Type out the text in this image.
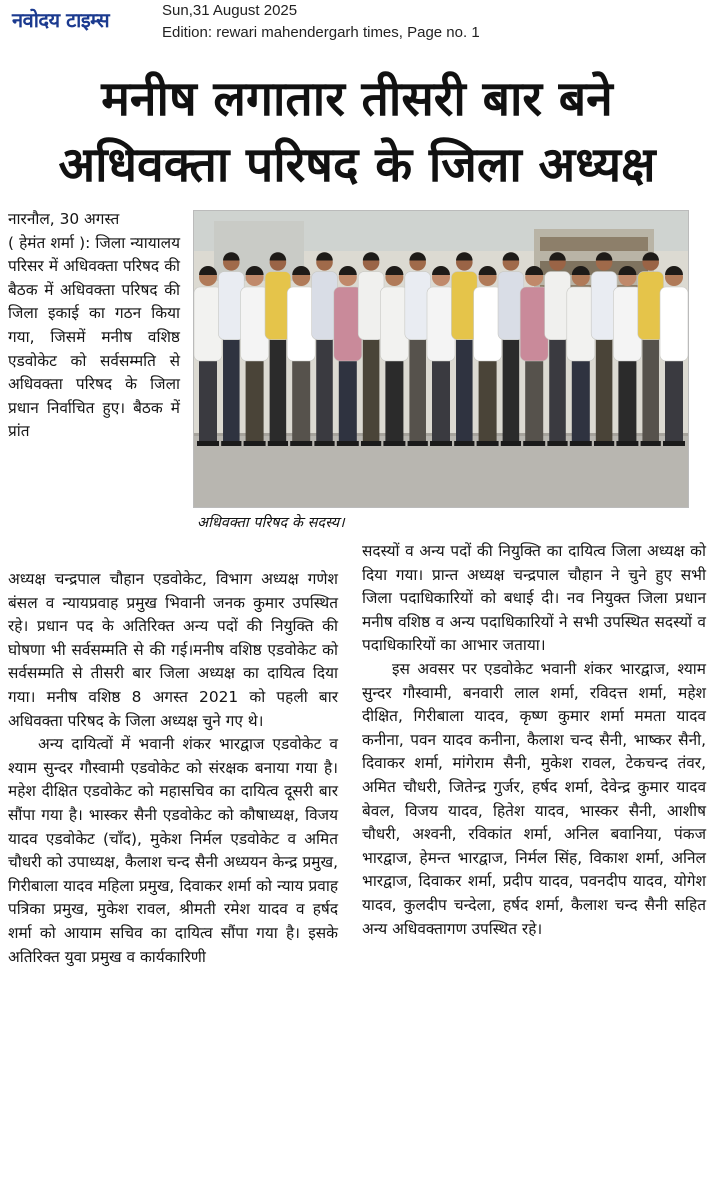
नवोदय टाइम्स	Sun,31 August 2025
Edition: rewari mahendergarh times, Page no. 1
मनीष लगातार तीसरी बार बने
अधिवक्ता परिषद के जिला अध्यक्ष

नारनौल, 30 अगस्त

( हेमंत शर्मा ): जिला न्यायालय परिसर में अधिवक्ता परिषद की बैठक में अधिवक्ता परिषद की जिला इकाई का गठन किया गया, जिसमें मनीष वशिष्ठ एडवोकेट को सर्वसम्मति से अधिवक्ता परिषद के जिला प्रधान निर्वाचित हुए। बैठक में प्रांत

अधिवक्ता परिषद के सदस्य।

अध्यक्ष चन्द्रपाल चौहान एडवोकेट, विभाग अध्यक्ष गणेश बंसल व न्यायप्रवाह प्रमुख भिवानी जनक कुमार उपस्थित रहे। प्रधान पद के अतिरिक्त अन्य पदों की नियुक्ति की घोषणा भी सर्वसम्मति से की गई।मनीष वशिष्ठ एडवोकेट को सर्वसम्मति से तीसरी बार जिला अध्यक्ष का दायित्व दिया गया। मनीष वशिष्ठ 8 अगस्त 2021 को पहली बार अधिवक्ता परिषद के जिला अध्यक्ष चुने गए थे।

अन्य दायित्वों में भवानी शंकर भारद्वाज एडवोकेट व श्याम सुन्दर गौस्वामी एडवोकेट को संरक्षक बनाया गया है। महेश दीक्षित एडवोकेट को महासचिव का दायित्व दूसरी बार सौंपा गया है। भास्कर सैनी एडवोकेट को कौषाध्यक्ष, विजय यादव एडवोकेट (चाँद), मुकेश निर्मल एडवोकेट व अमित चौधरी को उपाध्यक्ष, कैलाश चन्द सैनी अध्ययन केन्द्र प्रमुख, गिरीबाला यादव महिला प्रमुख, दिवाकर शर्मा को न्याय प्रवाह पत्रिका प्रमुख, मुकेश रावल, श्रीमती रमेश यादव व हर्षद शर्मा को आयाम सचिव का दायित्व सौंपा गया है। इसके अतिरिक्त युवा प्रमुख व कार्यकारिणी

सदस्यों व अन्य पदों की नियुक्ति का दायित्व जिला अध्यक्ष को दिया गया। प्रान्त अध्यक्ष चन्द्रपाल चौहान ने चुने हुए सभी जिला पदाधिकारियों को बधाई दी। नव नियुक्त जिला प्रधान मनीष वशिष्ठ व अन्य पदाधिकारियों ने सभी उपस्थित सदस्यों व पदाधिकारियों का आभार जताया।

इस अवसर पर एडवोकेट भवानी शंकर भारद्वाज, श्याम सुन्दर गौस्वामी, बनवारी लाल शर्मा, रविदत्त शर्मा, महेश दीक्षित, गिरीबाला यादव, कृष्ण कुमार शर्मा ममता यादव कनीना, पवन यादव कनीना, कैलाश चन्द सैनी, भाष्कर सैनी, दिवाकर शर्मा, मांगेराम सैनी, मुकेश रावल, टेकचन्द तंवर, अमित चौधरी, जितेन्द्र गुर्जर, हर्षद शर्मा, देवेन्द्र कुमार यादव बेवल, विजय यादव, हितेश यादव, भास्कर सैनी, आशीष चौधरी, अश्वनी, रविकांत शर्मा, अनिल बवानिया, पंकज भारद्वाज, हेमन्त भारद्वाज, निर्मल सिंह, विकाश शर्मा, अनिल भारद्वाज, दिवाकर शर्मा, प्रदीप यादव, पवनदीप यादव, योगेश यादव, कुलदीप चन्देला, हर्षद शर्मा, कैलाश चन्द सैनी सहित अन्य अधिवक्तागण उपस्थित रहे।
